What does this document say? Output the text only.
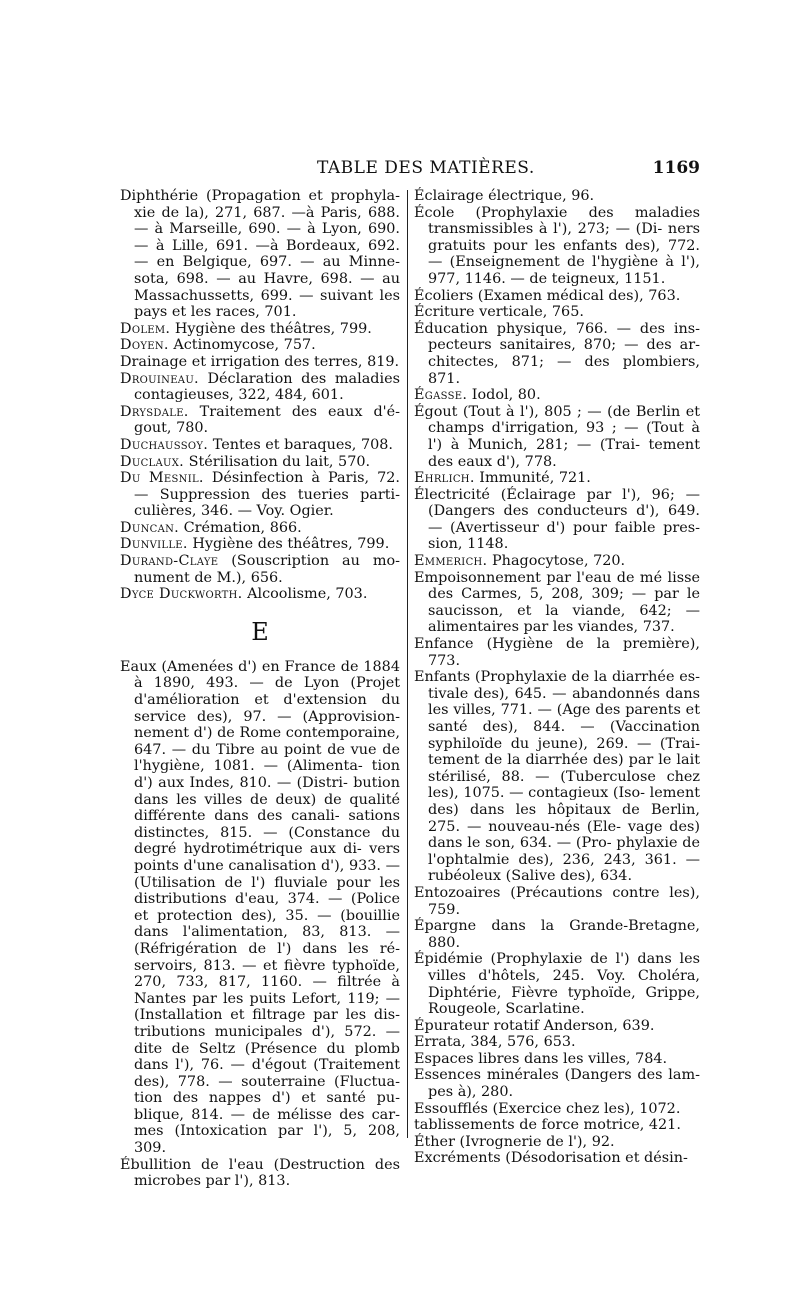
TABLE DES MATIÈRES.	1169

Diphthérie (Propagation et prophyla- xie de la), 271, 687. —à Paris, 688. — à Marseille, 690. — à Lyon, 690. — à Lille, 691. —à Bordeaux, 692. — en Belgique, 697. — au Minne- sota, 698. — au Havre, 698. — au Massachussetts, 699. — suivant les pays et les races, 701.

Dolem. Hygiène des théâtres, 799.

Doyen. Actinomycose, 757.

Drainage et irrigation des terres, 819.

Drouineau. Déclaration des maladies contagieuses, 322, 484, 601.

Drysdale. Traitement des eaux d'é- gout, 780.

Duchaussoy. Tentes et baraques, 708.

Duclaux. Stérilisation du lait, 570.

Du Mesnil. Désinfection à Paris, 72. — Suppression des tueries parti- culières, 346. — Voy. Ogier.

Duncan. Crémation, 866.

Dunville. Hygiène des théâtres, 799.

Durand-Claye (Souscription au mo- nument de M.), 656.

Dyce Duckworth. Alcoolisme, 703.

E

Eaux (Amenées d') en France de 1884 à 1890, 493. — de Lyon (Projet d'amélioration et d'extension du service des), 97. — (Approvision- nement d') de Rome contemporaine, 647. — du Tibre au point de vue de l'hygiène, 1081. — (Alimenta- tion d') aux Indes, 810. — (Distri- bution dans les villes de deux) de qualité différente dans des canali- sations distinctes, 815. — (Constance du degré hydrotimétrique aux di- vers points d'une canalisation d'), 933. — (Utilisation de l') fluviale pour les distributions d'eau, 374. — (Police et protection des), 35. — (bouillie dans l'alimentation, 83, 813. — (Réfrigération de l') dans les ré- servoirs, 813. — et fièvre typhoïde, 270, 733, 817, 1160. — filtrée à Nantes par les puits Lefort, 119; — (Installation et filtrage par les dis- tributions municipales d'), 572. — dite de Seltz (Présence du plomb dans l'), 76. — d'égout (Traitement des), 778. — souterraine (Fluctua- tion des nappes d') et santé pu- blique, 814. — de mélisse des car- mes (Intoxication par l'), 5, 208, 309.

Ébullition de l'eau (Destruction des microbes par l'), 813.

Éclairage électrique, 96.

École (Prophylaxie des maladies transmissibles à l'), 273; — (Di- ners gratuits pour les enfants des), 772. — (Enseignement de l'hygiène à l'), 977, 1146. — de teigneux, 1151.

Écoliers (Examen médical des), 763.

Écriture verticale, 765.

Éducation physique, 766. — des ins- pecteurs sanitaires, 870; — des ar- chitectes, 871; — des plombiers, 871.

Égasse. Iodol, 80.

Égout (Tout à l'), 805 ; — (de Berlin et champs d'irrigation, 93 ; — (Tout à l') à Munich, 281; — (Trai- tement des eaux d'), 778.

Ehrlich. Immunité, 721.

Électricité (Éclairage par l'), 96; — (Dangers des conducteurs d'), 649. — (Avertisseur d') pour faible pres- sion, 1148.

Emmerich. Phagocytose, 720.

Empoisonnement par l'eau de mé lisse des Carmes, 5, 208, 309; — par le saucisson, et la viande, 642; — alimentaires par les viandes, 737.

Enfance (Hygiène de la première), 773.

Enfants (Prophylaxie de la diarrhée es- tivale des), 645. — abandonnés dans les villes, 771. — (Age des parents et santé des), 844. — (Vaccination syphiloïde du jeune), 269. — (Trai- tement de la diarrhée des) par le lait stérilisé, 88. — (Tuberculose chez les), 1075. — contagieux (Iso- lement des) dans les hôpitaux de Berlin, 275. — nouveau-nés (Ele- vage des) dans le son, 634. — (Pro- phylaxie de l'ophtalmie des), 236, 243, 361. — rubéoleux (Salive des), 634.

Entozoaires (Précautions contre les), 759.

Épargne dans la Grande-Bretagne, 880.

Épidémie (Prophylaxie de l') dans les villes d'hôtels, 245. Voy. Choléra, Diphtérie, Fièvre typhoïde, Grippe, Rougeole, Scarlatine.

Épurateur rotatif Anderson, 639.

Errata, 384, 576, 653.

Espaces libres dans les villes, 784.

Essences minérales (Dangers des lam- pes à), 280.

Essoufflés (Exercice chez les), 1072.

tablissements de force motrice, 421.

Éther (Ivrognerie de l'), 92.

Excréments (Désodorisation et désin-
